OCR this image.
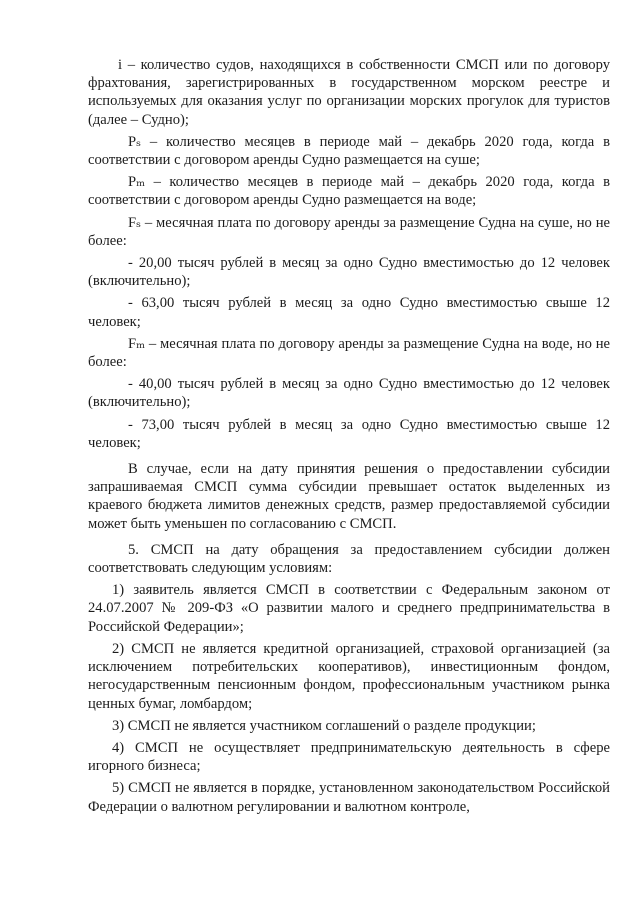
i – количество судов, находящихся в собственности СМСП или по договору фрахтования, зарегистрированных в государственном морском реестре и используемых для оказания услуг по организации морских прогулок для туристов (далее – Судно);

Рₛ – количество месяцев в периоде май – декабрь 2020 года, когда в соответствии с договором аренды Судно размещается на суше;

Рₘ – количество месяцев в периоде май – декабрь 2020 года, когда в соответствии с договором аренды Судно размещается на воде;

Fₛ – месячная плата по договору аренды за размещение Судна на суше, но не более:

- 20,00 тысяч рублей в месяц за одно Судно вместимостью до 12 человек (включительно);

- 63,00 тысяч рублей в месяц за одно Судно вместимостью свыше 12 человек;

Fₘ – месячная плата по договору аренды за размещение Судна на воде, но не более:

- 40,00 тысяч рублей в месяц за одно Судно вместимостью до 12 человек (включительно);

- 73,00 тысяч рублей в месяц за одно Судно вместимостью свыше 12 человек;

В случае, если на дату принятия решения о предоставлении субсидии запрашиваемая СМСП сумма субсидии превышает остаток выделенных из краевого бюджета лимитов денежных средств, размер предоставляемой субсидии может быть уменьшен по согласованию с СМСП.

5. СМСП на дату обращения за предоставлением субсидии должен соответствовать следующим условиям:

1) заявитель является СМСП в соответствии с Федеральным законом от 24.07.2007 № 209-ФЗ «О развитии малого и среднего предпринимательства в Российской Федерации»;

2) СМСП не является кредитной организацией, страховой организацией (за исключением потребительских кооперативов), инвестиционным фондом, негосударственным пенсионным фондом, профессиональным участником рынка ценных бумаг, ломбардом;

3) СМСП не является участником соглашений о разделе продукции;

4) СМСП не осуществляет предпринимательскую деятельность в сфере игорного бизнеса;

5) СМСП не является в порядке, установленном законодательством Российской Федерации о валютном регулировании и валютном контроле,
